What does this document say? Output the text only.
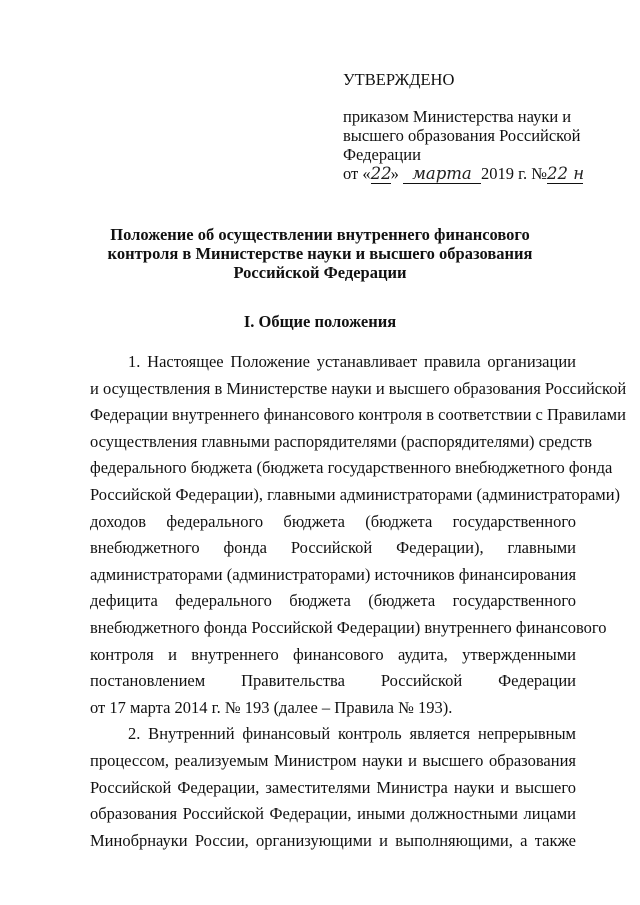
УТВЕРЖДЕНО

приказом Министерства науки и

высшего образования Российской

Федерации

от «22» марта 2019 г. №22 н

Положение об осуществлении внутреннего финансового
контроля в Министерстве науки и высшего образования
Российской Федерации
I. Общие положения

1. Настоящее Положение устанавливает правила организации
и осуществления в Министерстве науки и высшего образования Российской
Федерации внутреннего финансового контроля в соответствии с Правилами
осуществления главными распорядителями (распорядителями) средств
федерального бюджета (бюджета государственного внебюджетного фонда
Российской Федерации), главными администраторами (администраторами)
доходов федерального бюджета (бюджета государственного
внебюджетного фонда Российской Федерации), главными
администраторами (администраторами) источников финансирования
дефицита федерального бюджета (бюджета государственного
внебюджетного фонда Российской Федерации) внутреннего финансового
контроля и внутреннего финансового аудита, утвержденными
постановлением Правительства Российской Федерации
от 17 марта 2014 г. № 193 (далее – Правила № 193).

2. Внутренний финансовый контроль является непрерывным
процессом, реализуемым Министром науки и высшего образования
Российской Федерации, заместителями Министра науки и высшего
образования Российской Федерации, иными должностными лицами
Минобрнауки России, организующими и выполняющими, а также
